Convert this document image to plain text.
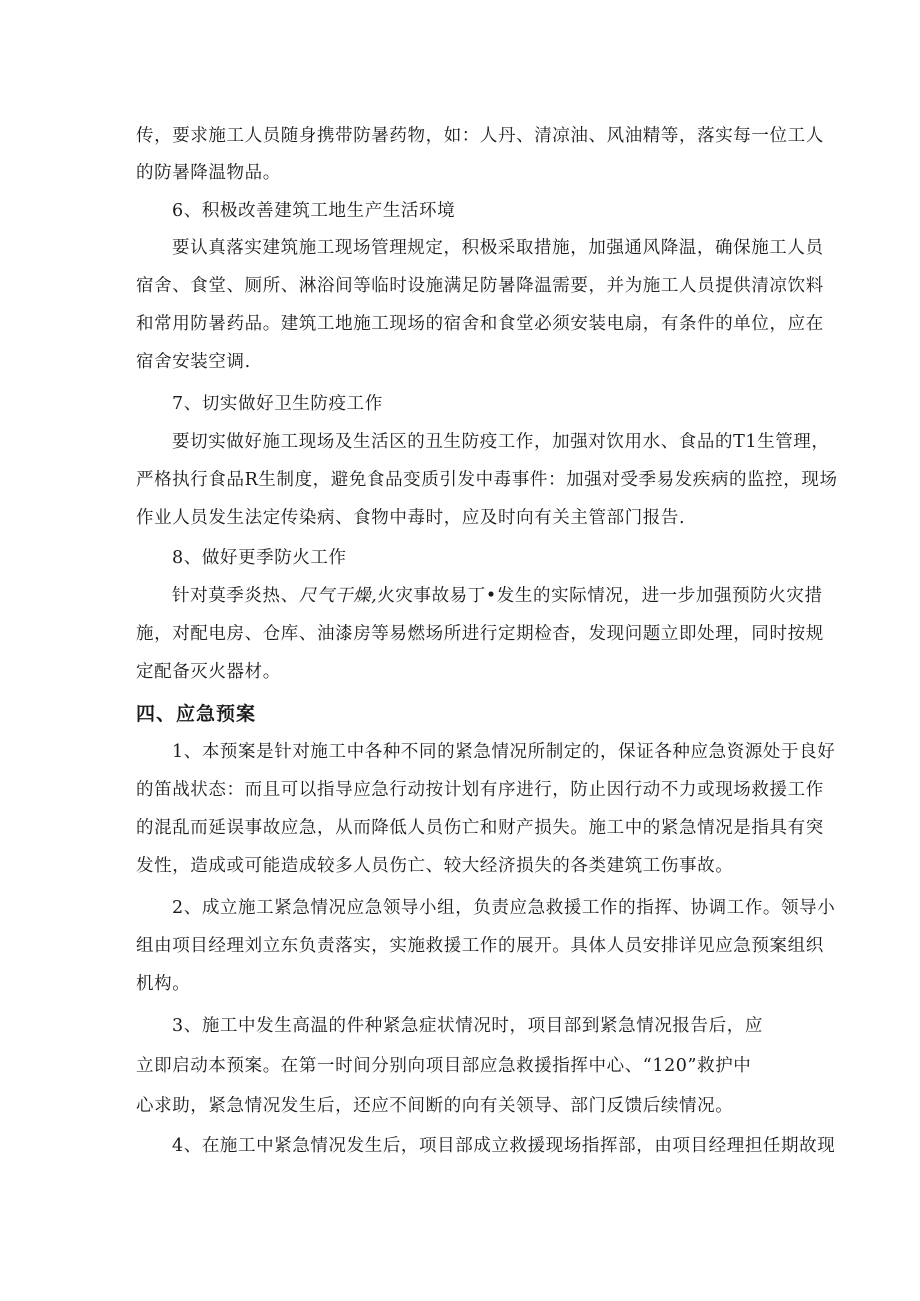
传，要求施工人员随身携带防暑药物，如：人丹、清凉油、风油精等，落实每一位工人
的防暑降温物品。
6、积极改善建筑工地生产生活环境
要认真落实建筑施工现场管理规定，积极采取措施，加强通风降温，确保施工人员
宿舍、食堂、厕所、淋浴间等临时设施满足防暑降温需要，并为施工人员提供清凉饮料
和常用防暑药品。建筑工地施工现场的宿舍和食堂必须安装电扇，有条件的单位，应在
宿舍安装空调.
7、切实做好卫生防疫工作
要切实做好施工现场及生活区的丑生防疫工作，加强对饮用水、食品的T1生管理，
严格执行食品R生制度，避免食品变质引发中毒事件：加强对受季易发疾病的监控，现场
作业人员发生法定传染病、食物中毒时，应及时向有关主管部门报告.
8、做好更季防火工作
针对莫季炎热、尺气干燥,火灾事故易丁•发生的实际情况，进一步加强预防火灾措
施，对配电房、仓库、油漆房等易燃场所进行定期检杳，发现问题立即处理，同时按规
定配备灭火器材。
四、应急预案
1、本预案是针对施工中各种不同的紧急情况所制定的，保证各种应急资源处于良好
的笛战状态：而且可以指导应急行动按计划有序进行，防止因行动不力或现场救援工作
的混乱而延误事故应急，从而降低人员伤亡和财产损失。施工中的紧急情况是指具有突
发性，造成或可能造成较多人员伤亡、较大经济损失的各类建筑工伤事故。
2、成立施工紧急情况应急领导小组，负责应急救援工作的指挥、协调工作。领导小
组由项目经理刘立东负责落实，实施救援工作的展开。具体人员安排详见应急预案组织
机构。
3、施工中发生高温的件种紧急症状情况时，项目部到紧急情况报告后，应
立即启动本预案。在第一时间分别向项目部应急救援指挥中心、“120”救护中
心求助，紧急情况发生后，还应不间断的向有关领导、部门反馈后续情况。
4、在施工中紧急情况发生后，项目部成立救援现场指挥部，由项目经理担任期故现
